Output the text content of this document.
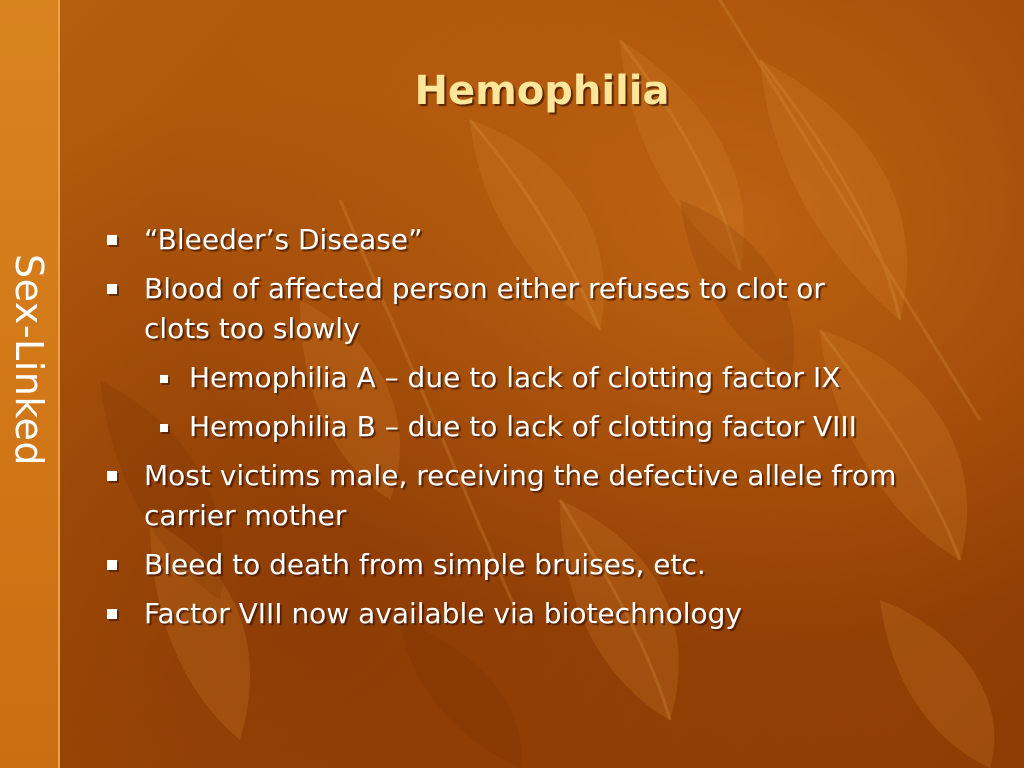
Sex-Linked
Hemophilia
“Bleeder’s Disease”
Blood of affected person either refuses to clot or
clots too slowly
Hemophilia A – due to lack of clotting factor IX
Hemophilia B – due to lack of clotting factor VIII
Most victims male, receiving the defective allele from
carrier mother
Bleed to death from simple bruises, etc.
Factor VIII now available via biotechnology
